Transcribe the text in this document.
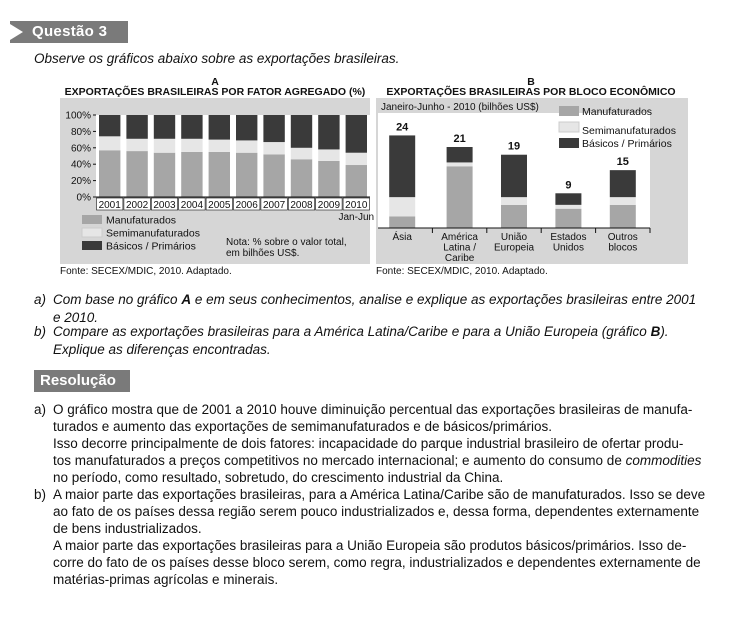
Questão 3
Observe os gráficos abaixo sobre as exportações brasileiras.
A
EXPORTAÇÕES BRASILEIRAS POR FATOR AGREGADO (%)
0%
20%
40%
60%
80%
100%
2001 2002 2003 2004 2005 2006 2007 2008 2009 2010
Jan-Jun
Manufaturados
Semimanufaturados
Básicos / Primários	Nota: % sobre o valor total,
em bilhões US$.
Fonte: SECEX/MDIC, 2010. Adaptado.
B
EXPORTAÇÕES BRASILEIRAS POR BLOCO ECONÔMICO
24
Ásia
21
América
Latina /
Caribe
19
União
Europeia
9
Estados
Unidos
15
Outros
blocos
Manufaturados
Semimanufaturados
Básicos / Primários
Janeiro-Junho - 2010 (bilhões US$)
Fonte: SECEX/MDIC, 2010. Adaptado.
a) Com base no gráfico A e em seus conhecimentos, analise e explique as exportações brasileiras entre 2001
e 2010.
b) Compare as exportações brasileiras para a América Latina/Caribe e para a União Europeia (gráfico B).
Explique as diferenças encontradas.
Resolução
a) O gráfico mostra que de 2001 a 2010 houve diminuição percentual das exportações brasileiras de manufa-
turados e aumento das exportações de semimanufaturados e de básicos/primários.
Isso decorre principalmente de dois fatores: incapacidade do parque industrial brasileiro de ofertar produ-
tos manufaturados a preços competitivos no mercado internacional; e aumento do consumo de commodities
no período, como resultado, sobretudo, do crescimento industrial da China.
b) A maior parte das exportações brasileiras, para a América Latina/Caribe são de manufaturados. Isso se deve
ao fato de os países dessa região serem pouco industrializados e, dessa forma, dependentes externamente
de bens industrializados.
A maior parte das exportações brasileiras para a União Europeia são produtos básicos/primários. Isso de-
corre do fato de os países desse bloco serem, como regra, industrializados e dependentes externamente de
matérias-primas agrícolas e minerais.
